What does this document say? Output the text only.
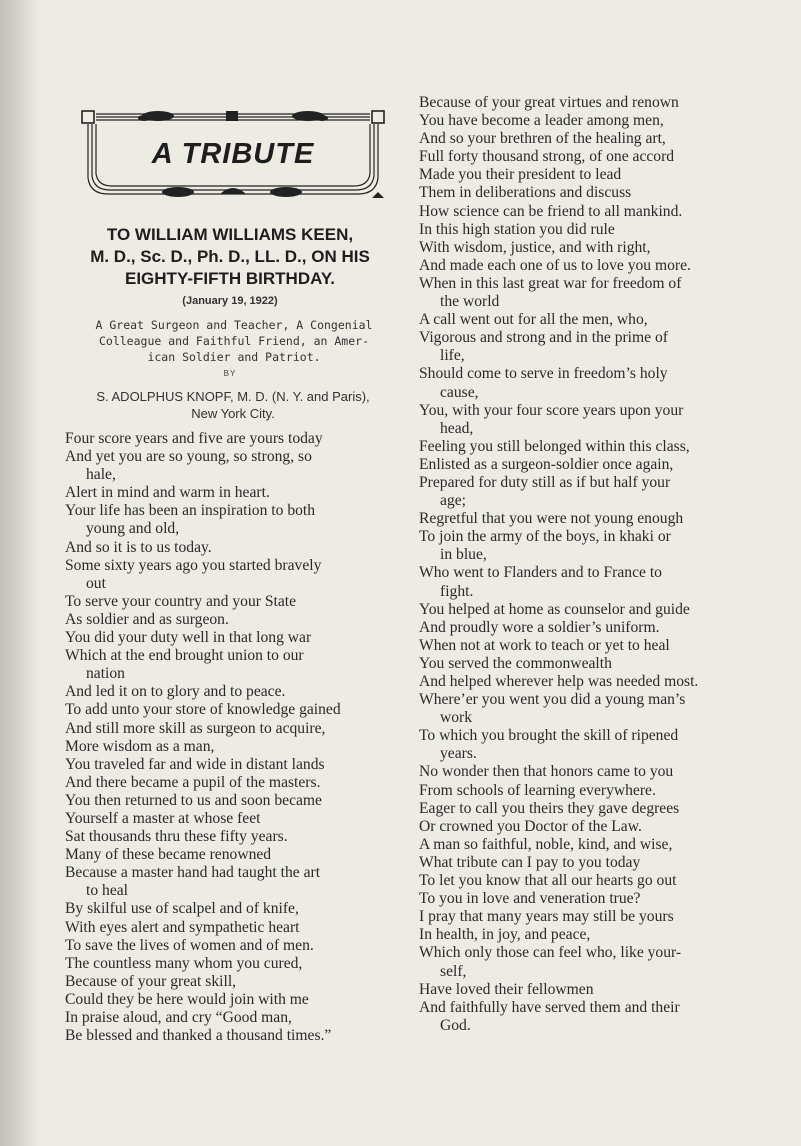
A TRIBUTE
TO WILLIAM WILLIAMS KEEN,
M. D., Sc. D., Ph. D., LL. D., ON HIS
EIGHTY-FIFTH BIRTHDAY.
(January 19, 1922)
A Great Surgeon and Teacher, A Congenial
Colleague and Faithful Friend, an Amer-
ican Soldier and Patriot.
BY
S. ADOLPHUS KNOPF, M. D. (N. Y. and Paris),
New York City.
Four score years and five are yours today
And yet you are so young, so strong, so
hale,
Alert in mind and warm in heart.
Your life has been an inspiration to both
young and old,
And so it is to us today.
Some sixty years ago you started bravely
out
To serve your country and your State
As soldier and as surgeon.
You did your duty well in that long war
Which at the end brought union to our
nation
And led it on to glory and to peace.
To add unto your store of knowledge gained
And still more skill as surgeon to acquire,
More wisdom as a man,
You traveled far and wide in distant lands
And there became a pupil of the masters.
You then returned to us and soon became
Yourself a master at whose feet
Sat thousands thru these fifty years.
Many of these became renowned
Because a master hand had taught the art
to heal
By skilful use of scalpel and of knife,
With eyes alert and sympathetic heart
To save the lives of women and of men.
The countless many whom you cured,
Because of your great skill,
Could they be here would join with me
In praise aloud, and cry “Good man,
Be blessed and thanked a thousand times.”
Because of your great virtues and renown
You have become a leader among men,
And so your brethren of the healing art,
Full forty thousand strong, of one accord
Made you their president to lead
Them in deliberations and discuss
How science can be friend to all mankind.
In this high station you did rule
With wisdom, justice, and with right,
And made each one of us to love you more.
When in this last great war for freedom of
the world
A call went out for all the men, who,
Vigorous and strong and in the prime of
life,
Should come to serve in freedom’s holy
cause,
You, with your four score years upon your
head,
Feeling you still belonged within this class,
Enlisted as a surgeon-soldier once again,
Prepared for duty still as if but half your
age;
Regretful that you were not young enough
To join the army of the boys, in khaki or
in blue,
Who went to Flanders and to France to
fight.
You helped at home as counselor and guide
And proudly wore a soldier’s uniform.
When not at work to teach or yet to heal
You served the commonwealth
And helped wherever help was needed most.
Where’er you went you did a young man’s
work
To which you brought the skill of ripened
years.
No wonder then that honors came to you
From schools of learning everywhere.
Eager to call you theirs they gave degrees
Or crowned you Doctor of the Law.
A man so faithful, noble, kind, and wise,
What tribute can I pay to you today
To let you know that all our hearts go out
To you in love and veneration true?
I pray that many years may still be yours
In health, in joy, and peace,
Which only those can feel who, like your-
self,
Have loved their fellowmen
And faithfully have served them and their
God.
